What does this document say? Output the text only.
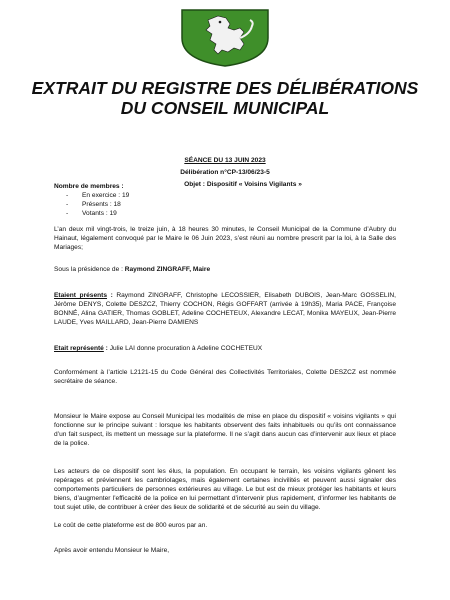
EXTRAIT DU REGISTRE DES DÉLIBÉRATIONS
DU CONSEIL MUNICIPAL
SÉANCE DU 13 JUIN 2023
Délibération n°CP-13/06/23-5
Objet : Dispositif « Voisins Vigilants »
Nombre de membres :
-	En exercice : 19
-	Présents : 18
-	Votants : 19

L’an deux mil vingt-trois, le treize juin, à 18 heures 30 minutes, le Conseil Municipal de la Commune d’Aubry du Hainaut, légalement convoqué par le Maire le 06 Juin 2023, s’est réuni au nombre prescrit par la loi, à la Salle des Mariages;

Sous la présidence de : Raymond ZINGRAFF, Maire

Etaient présents : Raymond ZINGRAFF, Christophe LECOSSIER, Elisabeth DUBOIS, Jean-Marc GOSSELIN, Jérôme DENYS, Colette DESZCZ, Thierry COCHON, Régis GOFFART (arrivée à 19h35), Maria PACE, Françoise BONNÉ, Alina GATIER, Thomas GOBLET, Adeline COCHETEUX, Alexandre LECAT, Monika MAYEUX, Jean-Pierre LAUDE, Yves MAILLARD, Jean-Pierre DAMIENS

Etait représenté : Julie LAI donne procuration à Adeline COCHETEUX

Conformément à l’article L2121-15 du Code Général des Collectivités Territoriales, Colette DESZCZ est nommée secrétaire de séance.

Monsieur le Maire expose au Conseil Municipal les modalités de mise en place du dispositif « voisins vigilants » qui fonctionne sur le principe suivant : lorsque les habitants observent des faits inhabituels ou qu’ils ont connaissance d’un fait suspect, ils mettent un message sur la plateforme. Il ne s’agit dans aucun cas d’intervenir aux lieux et place de la police.

Les acteurs de ce dispositif sont les élus, la population. En occupant le terrain, les voisins vigilants gênent les repérages et préviennent les cambriolages, mais également certaines incivilités et peuvent aussi signaler des comportements particuliers de personnes extérieures au village. Le but est de mieux protéger les habitants et leurs biens, d’augmenter l’efficacité de la police en lui permettant d’intervenir plus rapidement, d’informer les habitants de tout sujet utile, de contribuer à créer des lieux de solidarité et de sécurité au sein du village.

Le coût de cette plateforme est de 800 euros par an.

Après avoir entendu Monsieur le Maire,
